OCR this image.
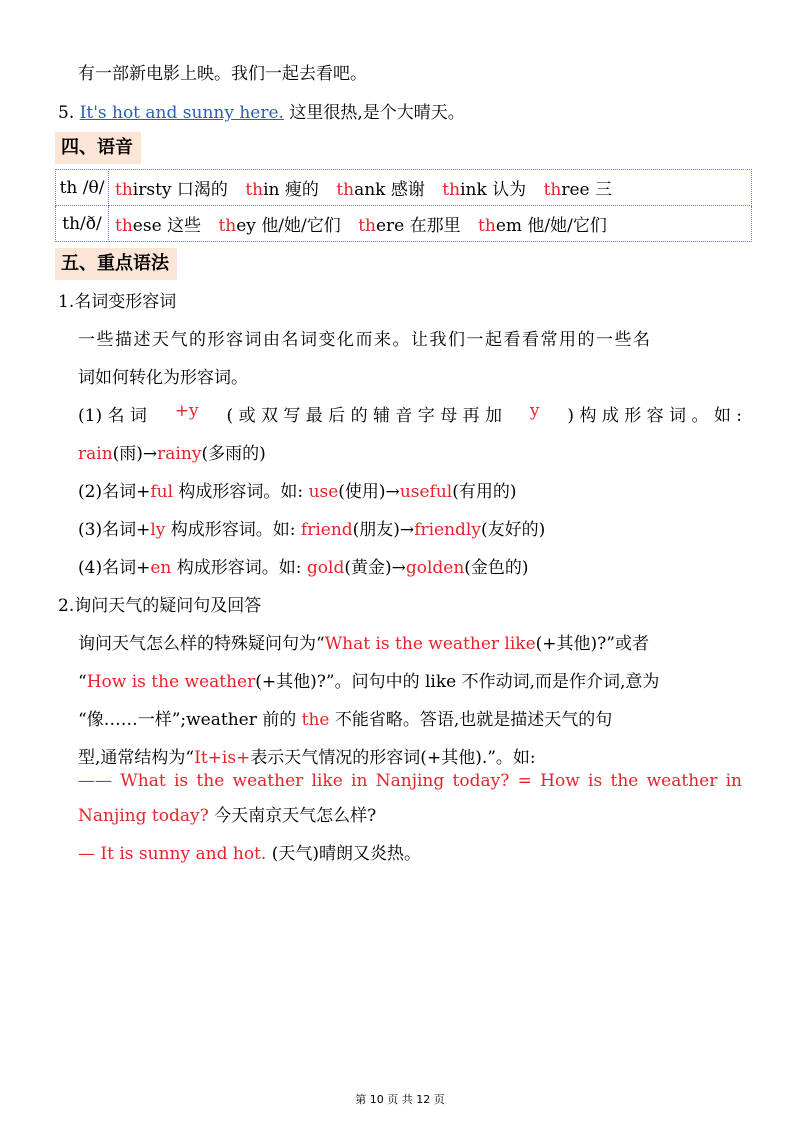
有一部新电影上映。我们一起去看吧。
5. It's hot and sunny here. 这里很热,是个大晴天。
四、语音
th /θ/	thirsty 口渴的 thin 瘦的 thank 感谢 think 认为 three 三
th/ð/	these 这些 they 他/她/它们 there 在那里 them 他/她/它们
五、重点语法
1.名词变形容词
一些描述天气的形容词由名词变化而来。让我们一起看看常用的一些名
词如何转化为形容词。
(1) 名 词 +y ( 或 双 写 最 后 的 辅 音 字 母 再 加 y ) 构 成 形 容 词 。 如 :
rain(雨)→rainy(多雨的)
(2)名词+ful 构成形容词。如: use(使用)→useful(有用的)
(3)名词+ly 构成形容词。如: friend(朋友)→friendly(友好的)
(4)名词+en 构成形容词。如: gold(黄金)→golden(金色的)
2.询问天气的疑问句及回答
询问天气怎么样的特殊疑问句为“What is the weather like(+其他)?”或者
“How is the weather(+其他)?”。问句中的 like 不作动词,而是作介词,意为
“像……一样”;weather 前的 the 不能省略。答语,也就是描述天气的句
型,通常结构为“It+is+表示天气情况的形容词(+其他).”。如:
—— What is the weather like in Nanjing today? = How is the weather in
Nanjing today? 今天南京天气怎么样?
— It is sunny and hot. (天气)晴朗又炎热。
第 10 页 共 12 页
